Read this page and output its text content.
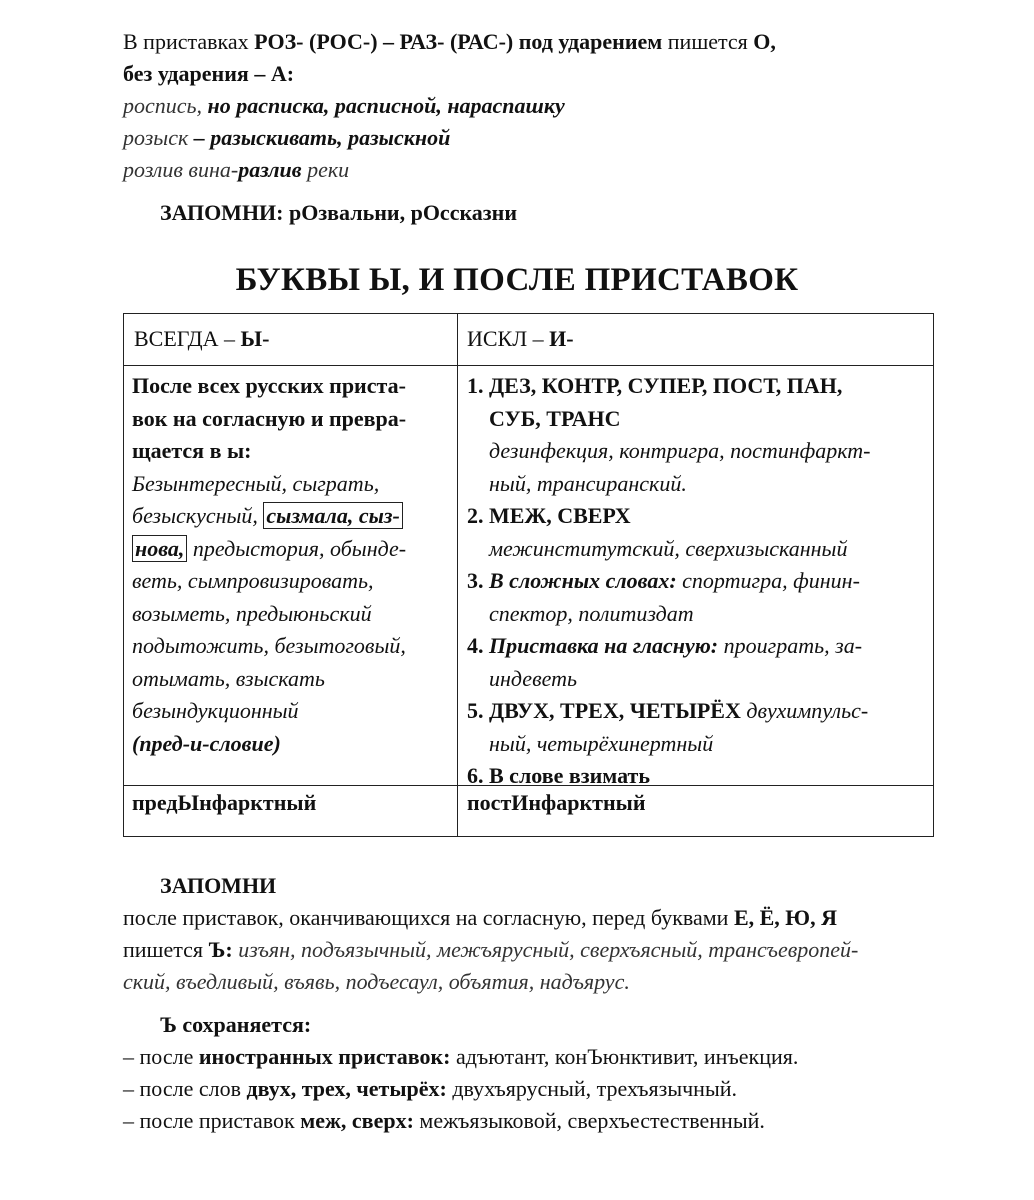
В приставках РОЗ- (РОС-) – РАЗ- (РАС-) под ударением пишется О,
без ударения – А:
роспись, но расписка, расписной, нараспашку
розыск – разыскивать, разыскной
розлив вина-разлив реки
ЗАПОМНИ: рОзвальни, рОссказни
БУКВЫ Ы, И ПОСЛЕ ПРИСТАВОК
ВСЕГДА – Ы-	ИСКЛ – И-
После всех русских приста-
вок на согласную и превра-
щается в ы:
Безынтересный, сыграть,
безыскусный, сызмала, сыз-
нова, предыстория, обынде-
веть, сымпровизировать,
возыметь, предыюньский
подытожить, безытоговый,
отымать, взыскать
безындукционный
(пред-и-словие)
1. ДЕЗ, КОНТР, СУПЕР, ПОСТ, ПАН,
СУБ, ТРАНС
дезинфекция, контригра, постинфаркт-
ный, трансиранский.
2. МЕЖ, СВЕРХ
межинститутский, сверхизысканный
3. В сложных словах: спортигра, финин-
спектор, политиздат
4. Приставка на гласную: проиграть, за-
индеветь
5. ДВУХ, ТРЕХ, ЧЕТЫРЁХ двухимпульс-
ный, четырёхинертный
6. В слове взимать
предЫнфарктный	постИнфарктный
ЗАПОМНИ
после приставок, оканчивающихся на согласную, перед буквами Е, Ё, Ю, Я
пишется Ъ: изъян, подъязычный, межъярусный, сверхъясный, трансъевропей-
ский, въедливый, въявь, подъесаул, объятия, надъярус.
Ъ сохраняется:
– после иностранных приставок: адъютант, конЪюнктивит, инъекция.
– после слов двух, трех, четырёх: двухъярусный, трехъязычный.
– после приставок меж, сверх: межъязыковой, сверхъестественный.
